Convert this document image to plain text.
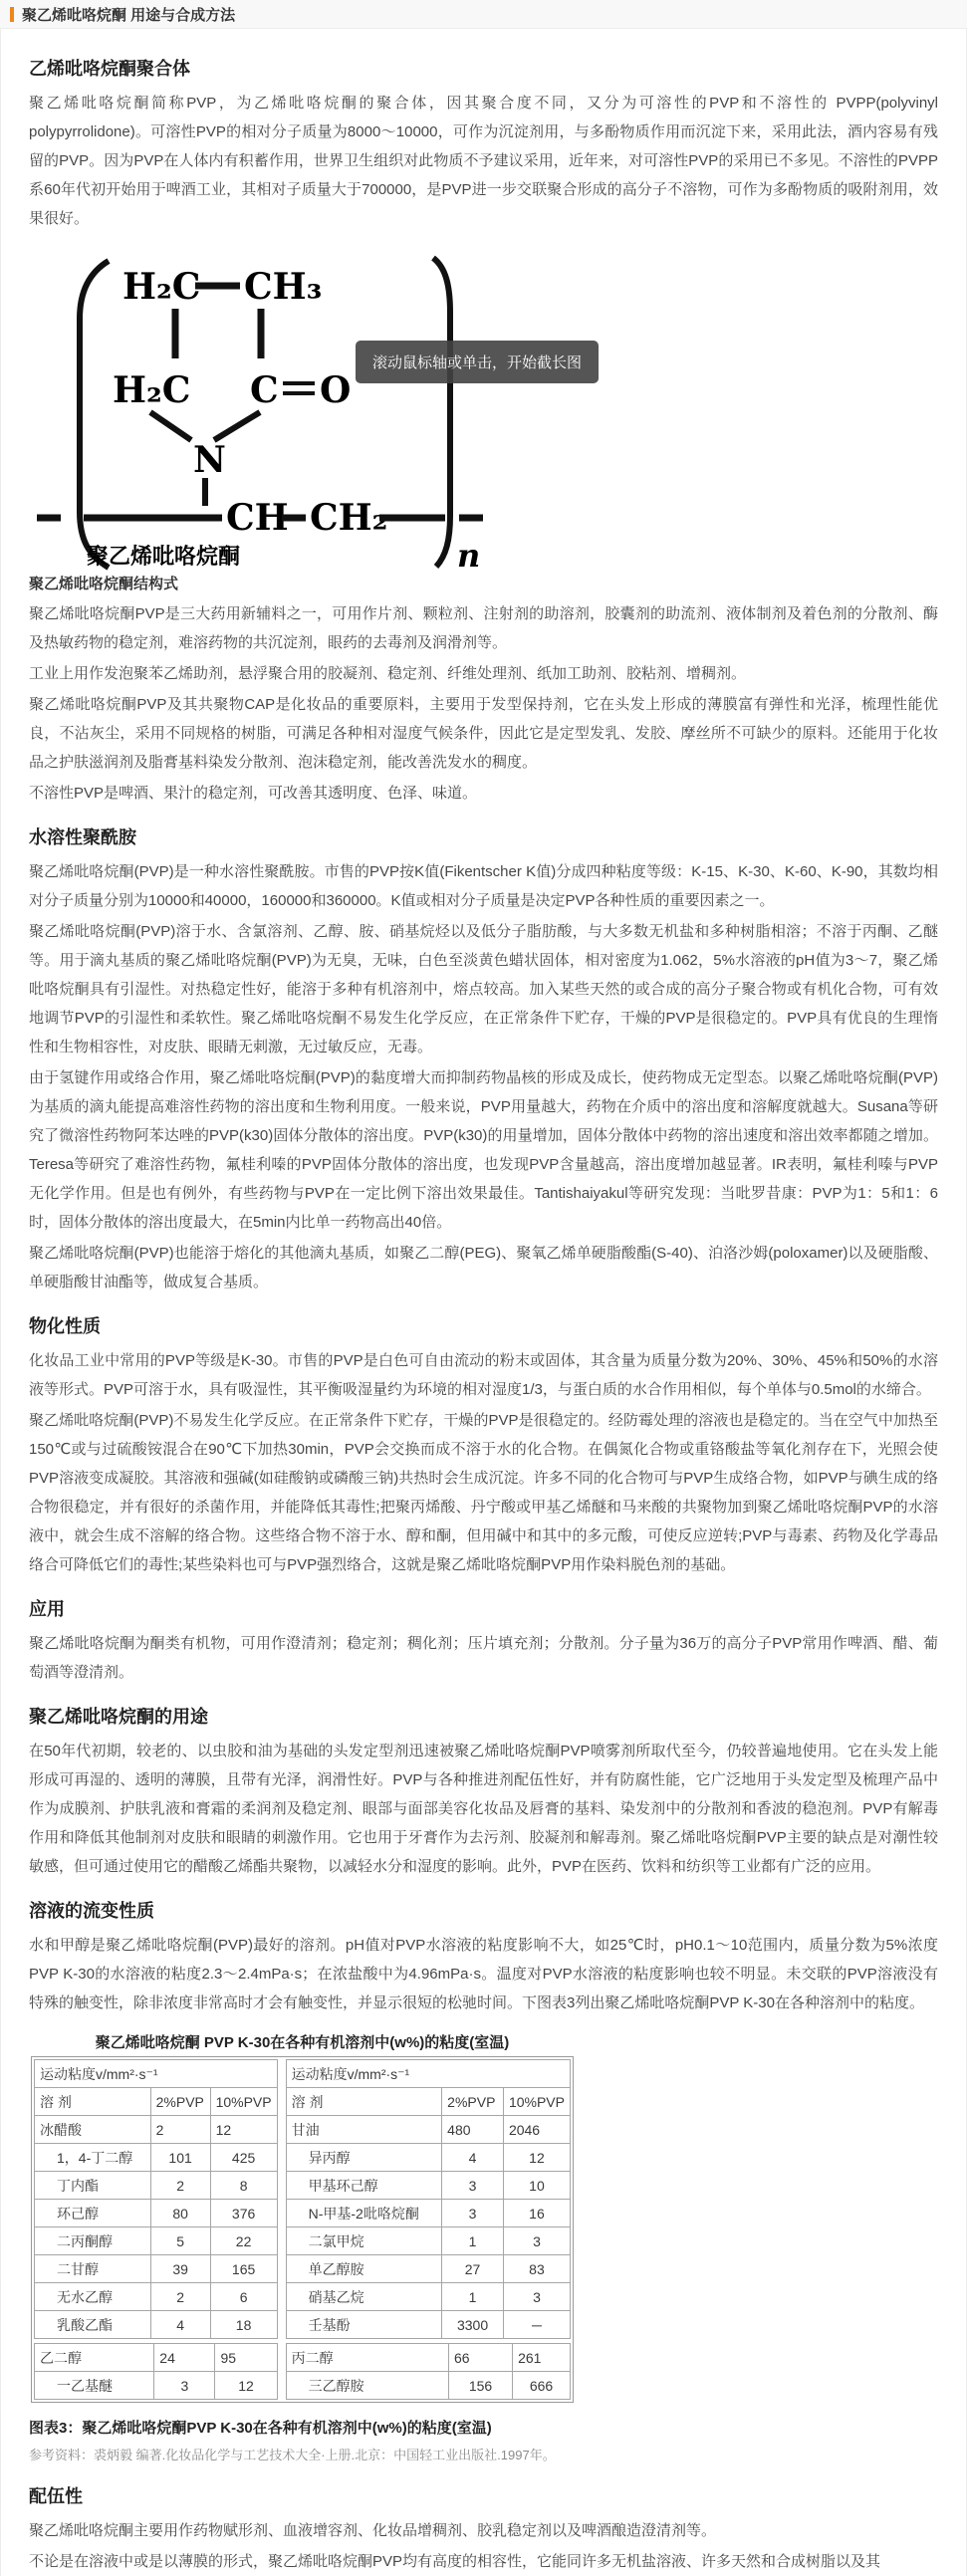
聚乙烯吡咯烷酮 用途与合成方法
乙烯吡咯烷酮聚合体

聚乙烯吡咯烷酮简称PVP，为乙烯吡咯烷酮的聚合体，因其聚合度不同，又分为可溶性的PVP和不溶性的 PVPP(polyvinyl polypyrrolidone)。可溶性PVP的相对分子质量为8000～10000，可作为沉淀剂用，与多酚物质作用而沉淀下来，采用此法，酒内容易有残留的PVP。因为PVP在人体内有积蓄作用，世界卫生组织对此物质不予建议采用，近年来，对可溶性PVP的采用已不多见。不溶性的PVPP系60年代初开始用于啤酒工业，其相对子质量大于700000，是PVP进一步交联聚合形成的高分子不溶物，可作为多酚物质的吸附剂用，效果很好。

H₂C CH₃
H₂C C O
N
CH CH₂
聚乙烯吡咯烷酮	n
滚动鼠标轴或单击，开始截长图

聚乙烯吡咯烷酮结构式

聚乙烯吡咯烷酮PVP是三大药用新辅料之一，可用作片剂、颗粒剂、注射剂的助溶剂，胶囊剂的助流剂、液体制剂及着色剂的分散剂、酶及热敏药物的稳定剂，难溶药物的共沉淀剂，眼药的去毒剂及润滑剂等。

工业上用作发泡聚苯乙烯助剂，悬浮聚合用的胶凝剂、稳定剂、纤维处理剂、纸加工助剂、胶粘剂、增稠剂。

聚乙烯吡咯烷酮PVP及其共聚物CAP是化妆品的重要原料，主要用于发型保持剂，它在头发上形成的薄膜富有弹性和光泽，梳理性能优良，不沾灰尘，采用不同规格的树脂，可满足各种相对湿度气候条件，因此它是定型发乳、发胶、摩丝所不可缺少的原料。还能用于化妆品之护肤滋润剂及脂膏基料染发分散剂、泡沫稳定剂，能改善洗发水的稠度。

不溶性PVP是啤酒、果汁的稳定剂，可改善其透明度、色泽、味道。

水溶性聚酰胺

聚乙烯吡咯烷酮(PVP)是一种水溶性聚酰胺。市售的PVP按K值(Fikentscher K值)分成四种粘度等级：K-15、K-30、K-60、K-90，其数均相对分子质量分别为10000和40000，160000和360000。K值或相对分子质量是决定PVP各种性质的重要因素之一。

聚乙烯吡咯烷酮(PVP)溶于水、含氯溶剂、乙醇、胺、硝基烷烃以及低分子脂肪酸，与大多数无机盐和多种树脂相溶；不溶于丙酮、乙醚等。用于滴丸基质的聚乙烯吡咯烷酮(PVP)为无臭，无味，白色至淡黄色蜡状固体，相对密度为1.062，5%水溶液的pH值为3～7，聚乙烯吡咯烷酮具有引湿性。对热稳定性好，能溶于多种有机溶剂中，熔点较高。加入某些天然的或合成的高分子聚合物或有机化合物，可有效地调节PVP的引湿性和柔软性。聚乙烯吡咯烷酮不易发生化学反应，在正常条件下贮存，干燥的PVP是很稳定的。PVP具有优良的生理惰性和生物相容性，对皮肤、眼睛无刺激，无过敏反应，无毒。

由于氢键作用或络合作用，聚乙烯吡咯烷酮(PVP)的黏度增大而抑制药物晶核的形成及成长，使药物成无定型态。以聚乙烯吡咯烷酮(PVP)为基质的滴丸能提高难溶性药物的溶出度和生物利用度。一般来说，PVP用量越大，药物在介质中的溶出度和溶解度就越大。Susana等研究了微溶性药物阿苯达唑的PVP(k30)固体分散体的溶出度。PVP(k30)的用量增加，固体分散体中药物的溶出速度和溶出效率都随之增加。Teresa等研究了难溶性药物，氟桂利嗪的PVP固体分散体的溶出度，也发现PVP含量越高，溶出度增加越显著。IR表明，氟桂利嗪与PVP无化学作用。但是也有例外，有些药物与PVP在一定比例下溶出效果最佳。Tantishaiyakul等研究发现：当吡罗昔康：PVP为1：5和1：6时，固体分散体的溶出度最大，在5min内比单一药物高出40倍。

聚乙烯吡咯烷酮(PVP)也能溶于熔化的其他滴丸基质，如聚乙二醇(PEG)、聚氧乙烯单硬脂酸酯(S-40)、泊洛沙姆(poloxamer)以及硬脂酸、单硬脂酸甘油酯等，做成复合基质。

物化性质

化妆品工业中常用的PVP等级是K-30。市售的PVP是白色可自由流动的粉末或固体，其含量为质量分数为20%、30%、45%和50%的水溶液等形式。PVP可溶于水，具有吸湿性，其平衡吸湿量约为环境的相对湿度1/3，与蛋白质的水合作用相似，每个单体与0.5mol的水缔合。

聚乙烯吡咯烷酮(PVP)不易发生化学反应。在正常条件下贮存，干燥的PVP是很稳定的。经防霉处理的溶液也是稳定的。当在空气中加热至150℃或与过硫酸铵混合在90℃下加热30min，PVP会交换而成不溶于水的化合物。在偶氮化合物或重铬酸盐等氧化剂存在下，光照会使PVP溶液变成凝胶。其溶液和强碱(如硅酸钠或磷酸三钠)共热时会生成沉淀。许多不同的化合物可与PVP生成络合物，如PVP与碘生成的络合物很稳定，并有很好的杀菌作用，并能降低其毒性;把聚丙烯酸、丹宁酸或甲基乙烯醚和马来酸的共聚物加到聚乙烯吡咯烷酮PVP的水溶液中，就会生成不溶解的络合物。这些络合物不溶于水、醇和酮，但用碱中和其中的多元酸，可使反应逆转;PVP与毒素、药物及化学毒品络合可降低它们的毒性;某些染料也可与PVP强烈络合，这就是聚乙烯吡咯烷酮PVP用作染料脱色剂的基础。

应用

聚乙烯吡咯烷酮为酮类有机物，可用作澄清剂；稳定剂；稠化剂；压片填充剂；分散剂。分子量为36万的高分子PVP常用作啤酒、醋、葡萄酒等澄清剂。

聚乙烯吡咯烷酮的用途

在50年代初期，较老的、以虫胶和油为基础的头发定型剂迅速被聚乙烯吡咯烷酮PVP喷雾剂所取代至今，仍较普遍地使用。它在头发上能形成可再湿的、透明的薄膜，且带有光泽，润滑性好。PVP与各种推进剂配伍性好，并有防腐性能，它广泛地用于头发定型及梳理产品中作为成膜剂、护肤乳液和膏霜的柔润剂及稳定剂、眼部与面部美容化妆品及唇膏的基料、染发剂中的分散剂和香波的稳泡剂。PVP有解毒作用和降低其他制剂对皮肤和眼睛的刺激作用。它也用于牙膏作为去污剂、胶凝剂和解毒剂。聚乙烯吡咯烷酮PVP主要的缺点是对潮性较敏感，但可通过使用它的醋酸乙烯酯共聚物，以减轻水分和湿度的影响。此外，PVP在医药、饮料和纺织等工业都有广泛的应用。

溶液的流变性质

水和甲醇是聚乙烯吡咯烷酮(PVP)最好的溶剂。pH值对PVP水溶液的粘度影响不大，如25℃时，pH0.1～10范围内，质量分数为5%浓度 PVP K-30的水溶液的粘度2.3～2.4mPa·s；在浓盐酸中为4.96mPa·s。温度对PVP水溶液的粘度影响也较不明显。未交联的PVP溶液没有特殊的触变性，除非浓度非常高时才会有触变性，并显示很短的松驰时间。下图表3列出聚乙烯吡咯烷酮PVP K-30在各种溶剂中的粘度。

聚乙烯吡咯烷酮 PVP K-30在各种有机溶剂中(w%)的粘度(室温)
运动粘度v/mm²·s⁻¹		
溶 剂	2%PVP	10%PVP
冰醋酸	2	12
1，4-丁二醇	101	425
丁内酯	2	8
环己醇	80	376
二丙酮醇	5	22
二甘醇	39	165
无水乙醇	2	6
乳酸乙酯	4	18
乙二醇	24	95
一乙基醚	3	12
运动粘度v/mm²·s⁻¹		
溶 剂	2%PVP	10%PVP
甘油	480	2046
异丙醇	4	12
甲基环己醇	3	10
N-甲基-2吡咯烷酮	3	16
二氯甲烷	1	3
单乙醇胺	27	83
硝基乙烷	1	3
壬基酚	3300	─
丙二醇	66	261
三乙醇胺	156	666
图表3：聚乙烯吡咯烷酮PVP K-30在各种有机溶剂中(w%)的粘度(室温)
参考资料：裘炳毅 编著.化妆品化学与工艺技术大全·上册.北京：中国轻工业出版社.1997年。
配伍性

聚乙烯吡咯烷酮主要用作药物赋形剂、血液增容剂、化妆品增稠剂、胶乳稳定剂以及啤酒酿造澄清剂等。

不论是在溶液中或是以薄膜的形式，聚乙烯吡咯烷酮PVP均有高度的相容性，它能同许多无机盐溶液、许多天然和合成树脂以及其
